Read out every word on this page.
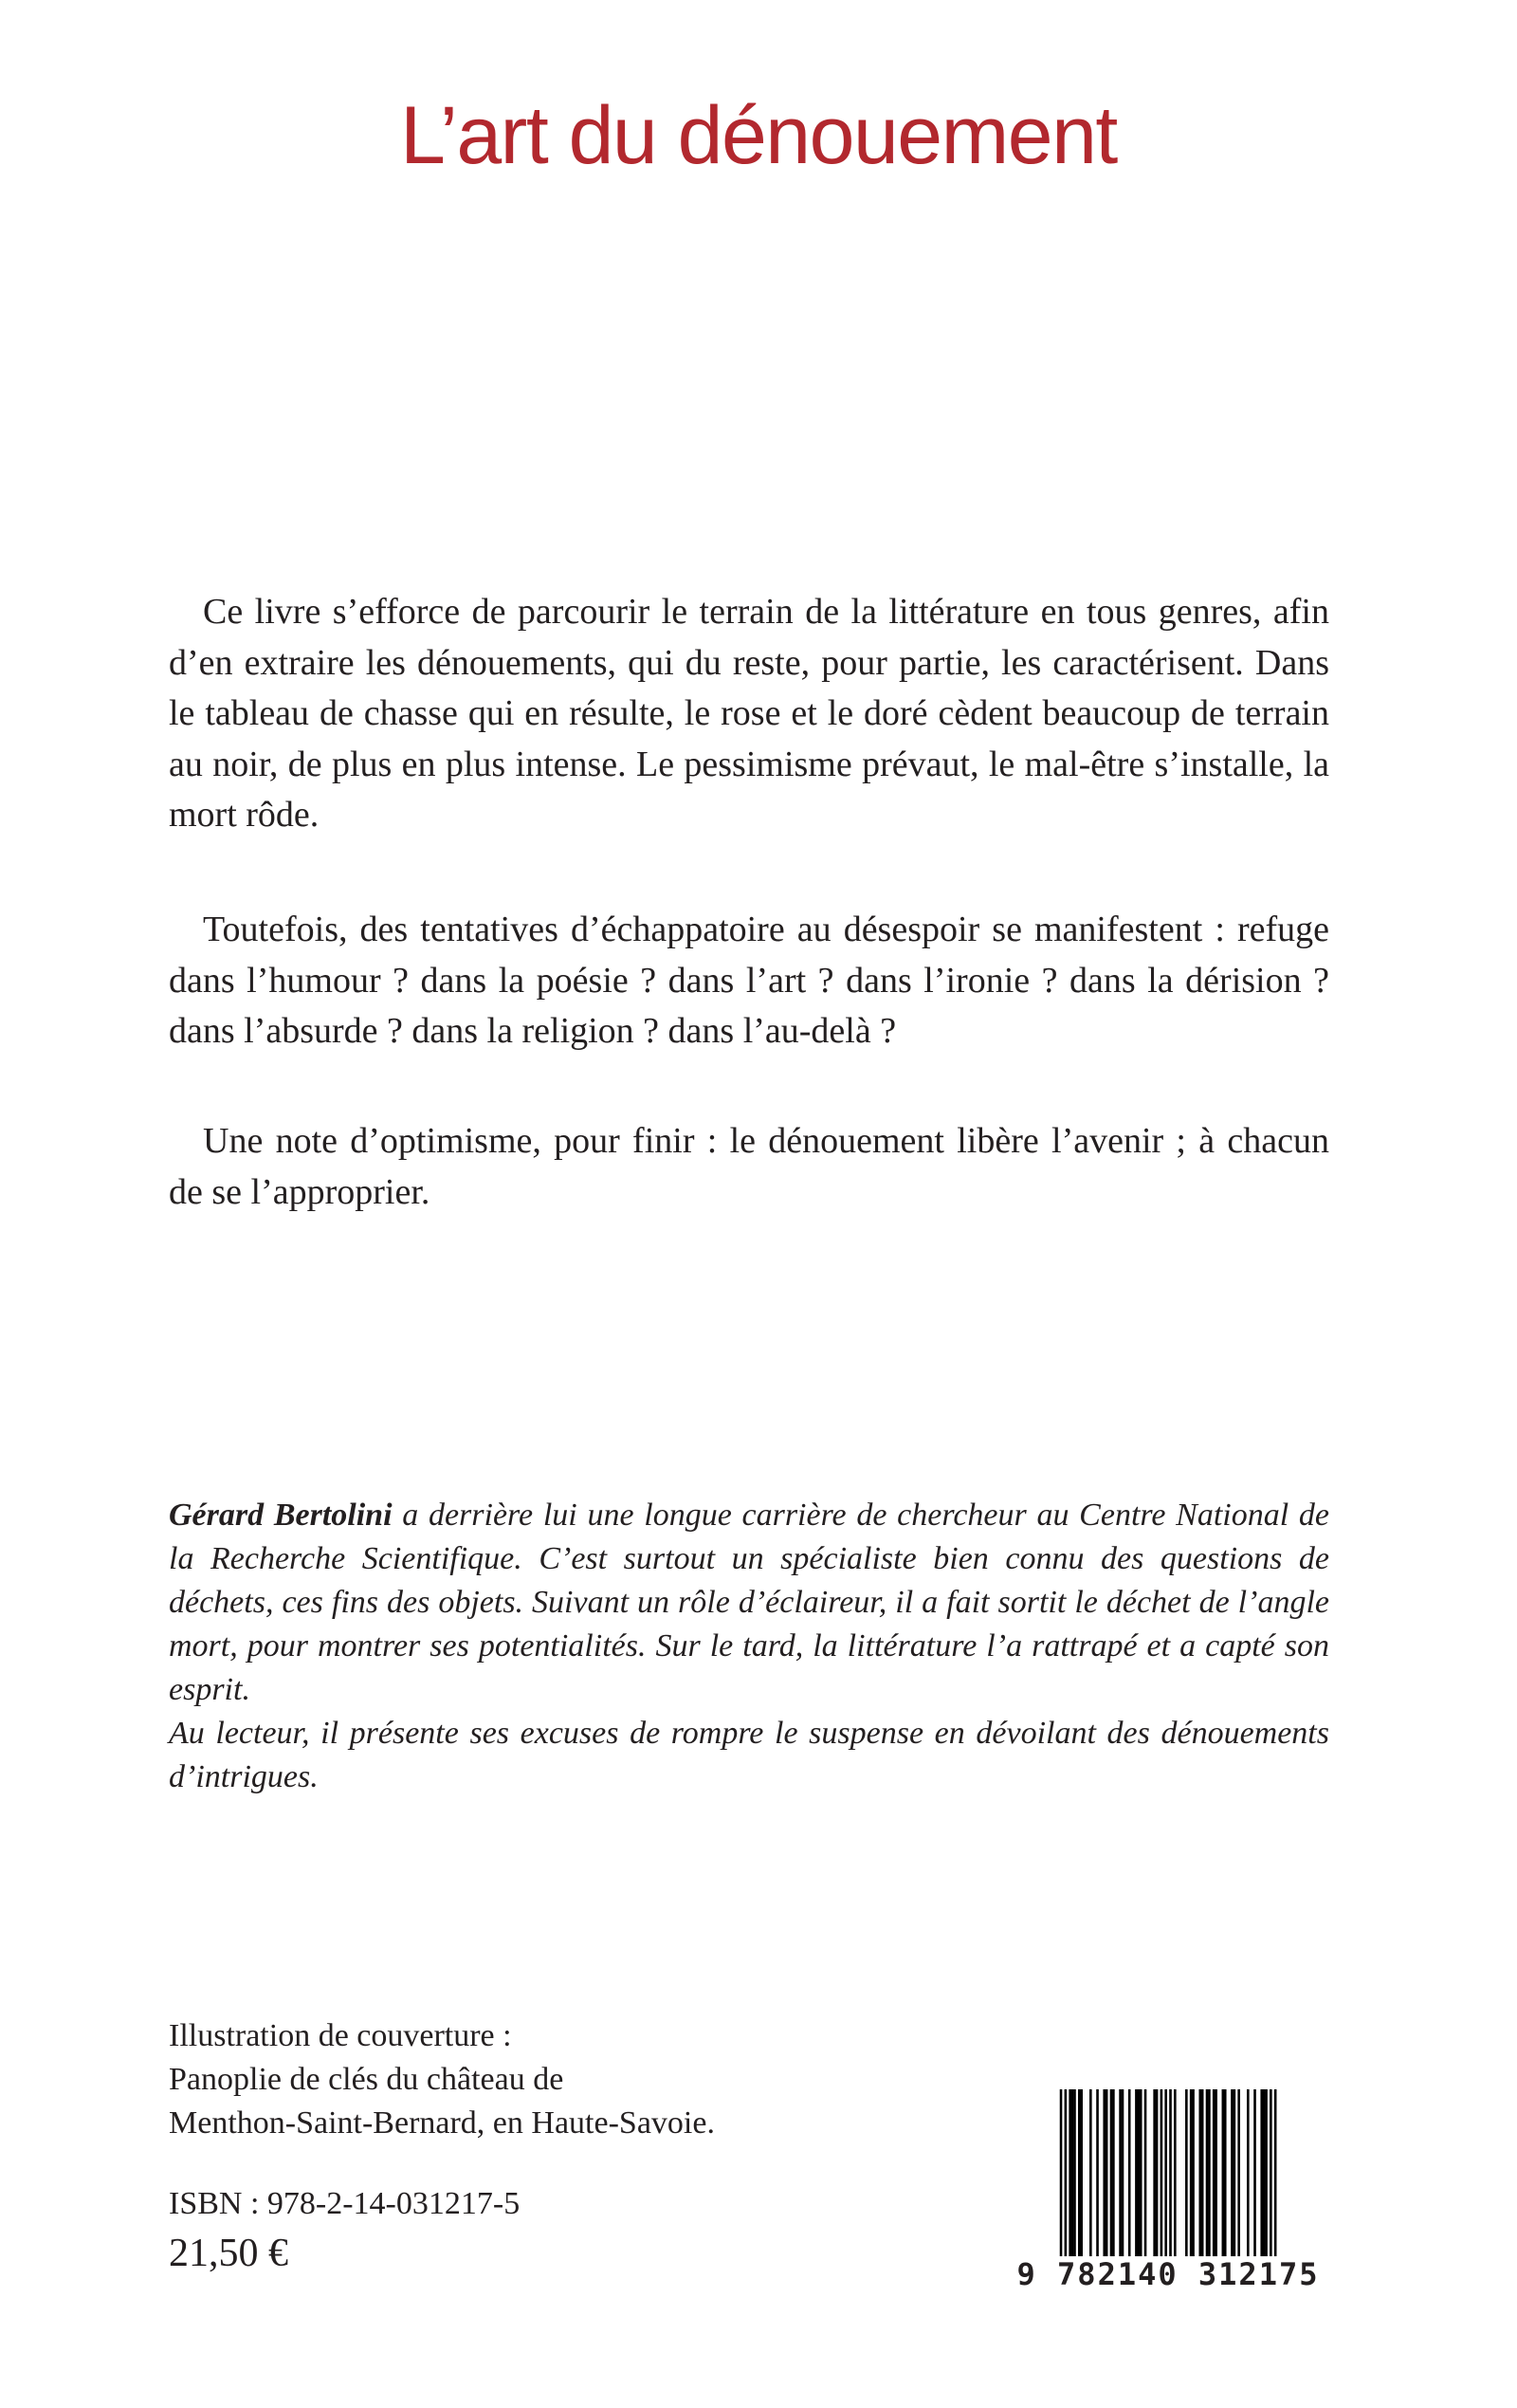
L’art du dénouement

Ce livre s’efforce de parcourir le terrain de la littérature en tous genres, afin d’en extraire les dénouements, qui du reste, pour partie, les caractérisent. Dans le tableau de chasse qui en résulte, le rose et le doré cèdent beaucoup de terrain au noir, de plus en plus intense. Le pessimisme prévaut, le mal-être s’installe, la mort rôde.

Toutefois, des tentatives d’échappatoire au désespoir se manifestent : refuge dans l’humour ? dans la poésie ? dans l’art ? dans l’ironie ? dans la dérision ? dans l’absurde ? dans la religion ? dans l’au-delà ?

Une note d’optimisme, pour finir : le dénouement libère l’avenir ; à chacun de se l’approprier.

Gérard Bertolini a derrière lui une longue carrière de chercheur au Centre National de la Recherche Scientifique. C’est surtout un spécialiste bien connu des questions de déchets, ces fins des objets. Suivant un rôle d’éclaireur, il a fait sortit le déchet de l’angle mort, pour montrer ses potentialités. Sur le tard, la littérature l’a rattrapé et a capté son esprit.

Au lecteur, il présente ses excuses de rompre le suspense en dévoilant des dénouements d’intrigues.

Illustration de couverture :
Panoplie de clés du château de
Menthon-Saint-Bernard, en Haute-Savoie.
ISBN : 978-2-14-031217-5
21,50 €	9 782140 312175
